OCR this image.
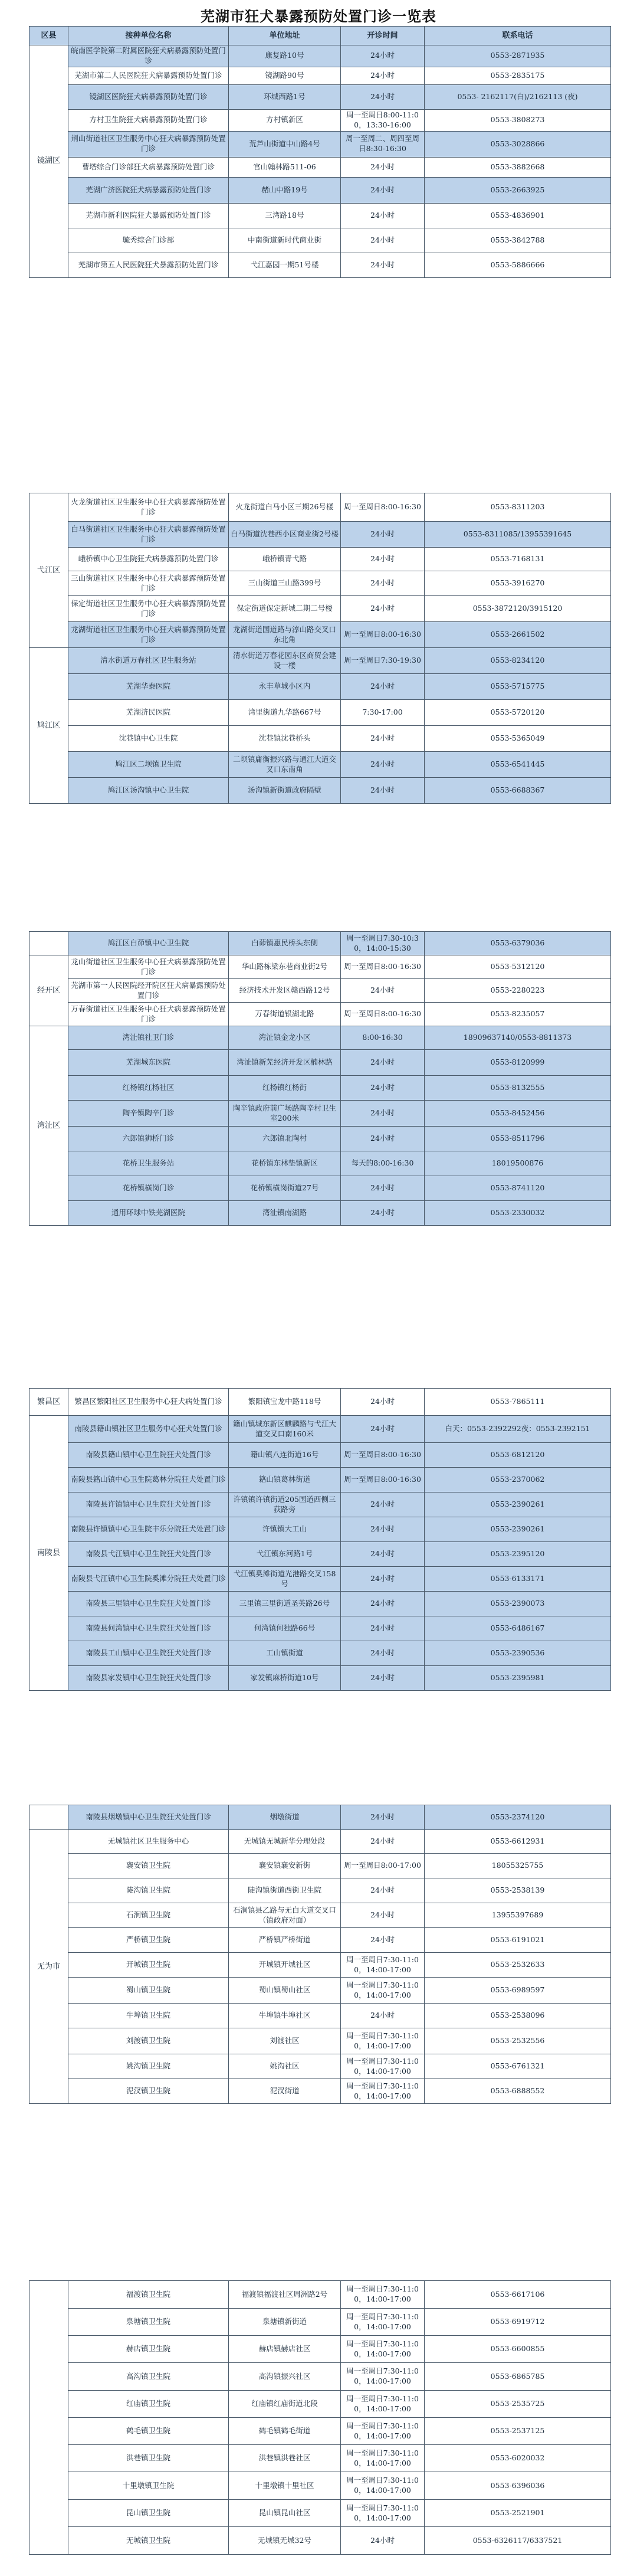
芜湖市狂犬暴露预防处置门诊一览表
区县	接种单位名称	单位地址	开诊时间	联系电话
镜湖区	皖南医学院第二附属医院狂犬病暴露预防处置门诊	康复路10号	24小时	0553-2871935
	芜湖市第二人民医院狂犬病暴露预防处置门诊	镜湖路90号	24小时	0553-2835175
	镜湖区医院狂犬病暴露预防处置门诊	环城西路1号	24小时	0553- 2162117(白)/2162113 (夜)
	方村卫生院狂犬病暴露预防处置门诊	方村镇新区	周一至周日8:00-11:00，13:30-16:00	0553-3808273
	荆山街道社区卫生服务中心狂犬病暴露预防处置门诊	荒芦山街道中山路4号	周一至周二、周四至周日8:30-16:30	0553-3028866
	曹塔综合门诊部狂犬病暴露预防处置门诊	官山翰林路511-06	24小时	0553-3882668
	芜湖广济医院狂犬病暴露预防处置门诊	赭山中路19号	24小时	0553-2663925
	芜湖市新利医院狂犬暴露预防处置门诊	三湾路18号	24小时	0553-4836901
	毓秀综合门诊部	中南街道新时代商业街	24小时	0553-3842788
	芜湖市第五人民医院狂犬暴露预防处置门诊	弋江嘉园一期51号楼	24小时	0553-5886666
弋江区	火龙街道社区卫生服务中心狂犬病暴露预防处置门诊	火龙街道白马小区三期26号楼	周一至周日8:00-16:30	0553-8311203
	白马街道社区卫生服务中心狂犬病暴露预防处置门诊	白马街道沈巷西小区商业街2号楼	24小时	0553-8311085/13955391645
	峨桥镇中心卫生院狂犬病暴露预防处置门诊	峨桥镇青弋路	24小时	0553-7168131
	三山街道社区卫生服务中心狂犬病暴露预防处置门诊	三山街道三山路399号	24小时	0553-3916270
	保定街道社区卫生服务中心狂犬病暴露预防处置门诊	保定街道保定新城二期二号楼	24小时	0553-3872120/3915120
	龙湖街道社区卫生服务中心狂犬病暴露预防处置门诊	龙湖街道国道路与淳山路交叉口东北角	周一至周日8:00-16:30	0553-2661502
鸠江区	清水街道万春社区卫生服务站	清水街道万春花园东区商贸会建设一楼	周一至周日7:30-19:30	0553-8234120
	芜湖华泰医院	永丰草城小区内	24小时	0553-5715775
	芜湖济民医院	湾里街道九华路667号	7:30-17:00	0553-5720120
	沈巷镇中心卫生院	沈巷镇沈巷桥头	24小时	0553-5365049
	鸠江区二坝镇卫生院	二坝镇庸衡振兴路与通江大道交叉口东南角	24小时	0553-6541445
	鸠江区汤沟镇中心卫生院	汤沟镇新街道政府隔壁	24小时	0553-6688367
	鸠江区白茆镇中心卫生院	白茆镇惠民桥头东侧	周一至周日7:30-10:30，14:00-15:30	0553-6379036
经开区	龙山街道社区卫生服务中心狂犬病暴露预防处置门诊	华山路栋梁东巷商业街2号	周一至周日8:00-16:30	0553-5312120
	芜湖市第一人民医院经开院区狂犬病暴露预防处置门诊	经济技术开发区赣西路12号	24小时	0553-2280223
	万春街道社区卫生服务中心狂犬病暴露预防处置门诊	万春街道银湖北路	周一至周日8:00-16:30	0553-8235057
湾沚区	湾沚镇社卫门诊	湾沚镇金龙小区	8:00-16:30	18909637140/0553-8811373
	芜湖城东医院	湾沚镇新芜经济开发区楠林路	24小时	0553-8120999
	红杨镇红杨社区	红杨镇红杨街	24小时	0553-8132555
	陶辛镇陶辛门诊	陶辛镇政府前广场路陶辛村卫生室200米	24小时	0553-8452456
	六郎镇狮桥门诊	六郎镇北陶村	24小时	0553-8511796
	花桥卫生服务站	花桥镇东林垫镇新区	每天的8:00-16:30	18019500876
	花桥镇横岗门诊	花桥镇横岗街道27号	24小时	0553-8741120
	通用环球中铁芜湖医院	湾沚镇南湖路	24小时	0553-2330032
繁昌区	繁昌区繁阳社区卫生服务中心狂犬病处置门诊	繁阳镇宝龙中路118号	24小时	0553-7865111
南陵县	南陵县籍山镇社区卫生服务中心狂犬处置门诊	籍山镇城东新区麒麟路与弋江大道交叉口南160米	24小时	白天：0553-2392292夜：0553-2392151
	南陵县籍山镇中心卫生院狂犬处置门诊	籍山镇八连街道16号	周一至周日8:00-16:30	0553-6812120
	南陵县籍山镇中心卫生院葛林分院狂犬处置门诊	籍山镇葛林街道	周一至周日8:00-16:30	0553-2370062
	南陵县许镇镇中心卫生院狂犬处置门诊	许镇镇许镇街道205国道西侧三荻路旁	24小时	0553-2390261
	南陵县许镇镇中心卫生院丰乐分院狂犬处置门诊	许镇镇大工山	24小时	0553-2390261
	南陵县弋江镇中心卫生院狂犬处置门诊	弋江镇东河路1号	24小时	0553-2395120
	南陵县弋江镇中心卫生院奚滩分院狂犬处置门诊	弋江镇奚滩街道光港路交叉158号	24小时	0553-6133171
	南陵县三里镇中心卫生院狂犬处置门诊	三里镇三里街道圣英路26号	24小时	0553-2390073
	南陵县何湾镇中心卫生院狂犬处置门诊	何湾镇何独路66号	24小时	0553-6486167
	南陵县工山镇中心卫生院狂犬处置门诊	工山镇街道	24小时	0553-2390536
	南陵县家发镇中心卫生院狂犬处置门诊	家发镇麻桥街道10号	24小时	0553-2395981
	南陵县烟墩镇中心卫生院狂犬处置门诊	烟墩街道	24小时	0553-2374120
无为市	无城镇社区卫生服务中心	无城镇无城新华分理处段	24小时	0553-6612931
	襄安镇卫生院	襄安镇襄安新街	周一至周日8:00-17:00	18055325755
	陡沟镇卫生院	陡沟镇街道西街卫生院	24小时	0553-2538139
	石涧镇卫生院	石涧镇县乙路与无白大道交叉口（镇政府对面）	24小时	13955397689
	严桥镇卫生院	严桥镇严桥街道	24小时	0553-6191021
	开城镇卫生院	开城镇开城社区	周一至周日7:30-11:00，14:00-17:00	0553-2532633
	蜀山镇卫生院	蜀山镇蜀山社区	周一至周日7:30-11:00，14:00-17:00	0553-6989597
	牛埠镇卫生院	牛埠镇牛埠社区	24小时	0553-2538096
	刘渡镇卫生院	刘渡社区	周一至周日7:30-11:00，14:00-17:00	0553-2532556
	姚沟镇卫生院	姚沟社区	周一至周日7:30-11:00，14:00-17:00	0553-6761321
	泥汊镇卫生院	泥汊街道	周一至周日7:30-11:00，14:00-17:00	0553-6888552
	福渡镇卫生院	福渡镇福渡社区周洲路2号	周一至周日7:30-11:00，14:00-17:00	0553-6617106
	泉塘镇卫生院	泉塘镇新街道	周一至周日7:30-11:00，14:00-17:00	0553-6919712
	赫店镇卫生院	赫店镇赫店社区	周一至周日7:30-11:00，14:00-17:00	0553-6600855
	高沟镇卫生院	高沟镇振兴社区	周一至周日7:30-11:00，14:00-17:00	0553-6865785
	红庙镇卫生院	红庙镇红庙街道北段	周一至周日7:30-11:00，14:00-17:00	0553-2535725
	鹤毛镇卫生院	鹤毛镇鹤毛街道	周一至周日7:30-11:00，14:00-17:00	0553-2537125
	洪巷镇卫生院	洪巷镇洪巷社区	周一至周日7:30-11:00，14:00-17:00	0553-6020032
	十里墩镇卫生院	十里墩镇十里社区	周一至周日7:30-11:00，14:00-17:00	0553-6396036
	昆山镇卫生院	昆山镇昆山社区	周一至周日7:30-11:00，14:00-17:00	0553-2521901
	无城镇卫生院	无城镇无城32号	24小时	0553-6326117/6337521
